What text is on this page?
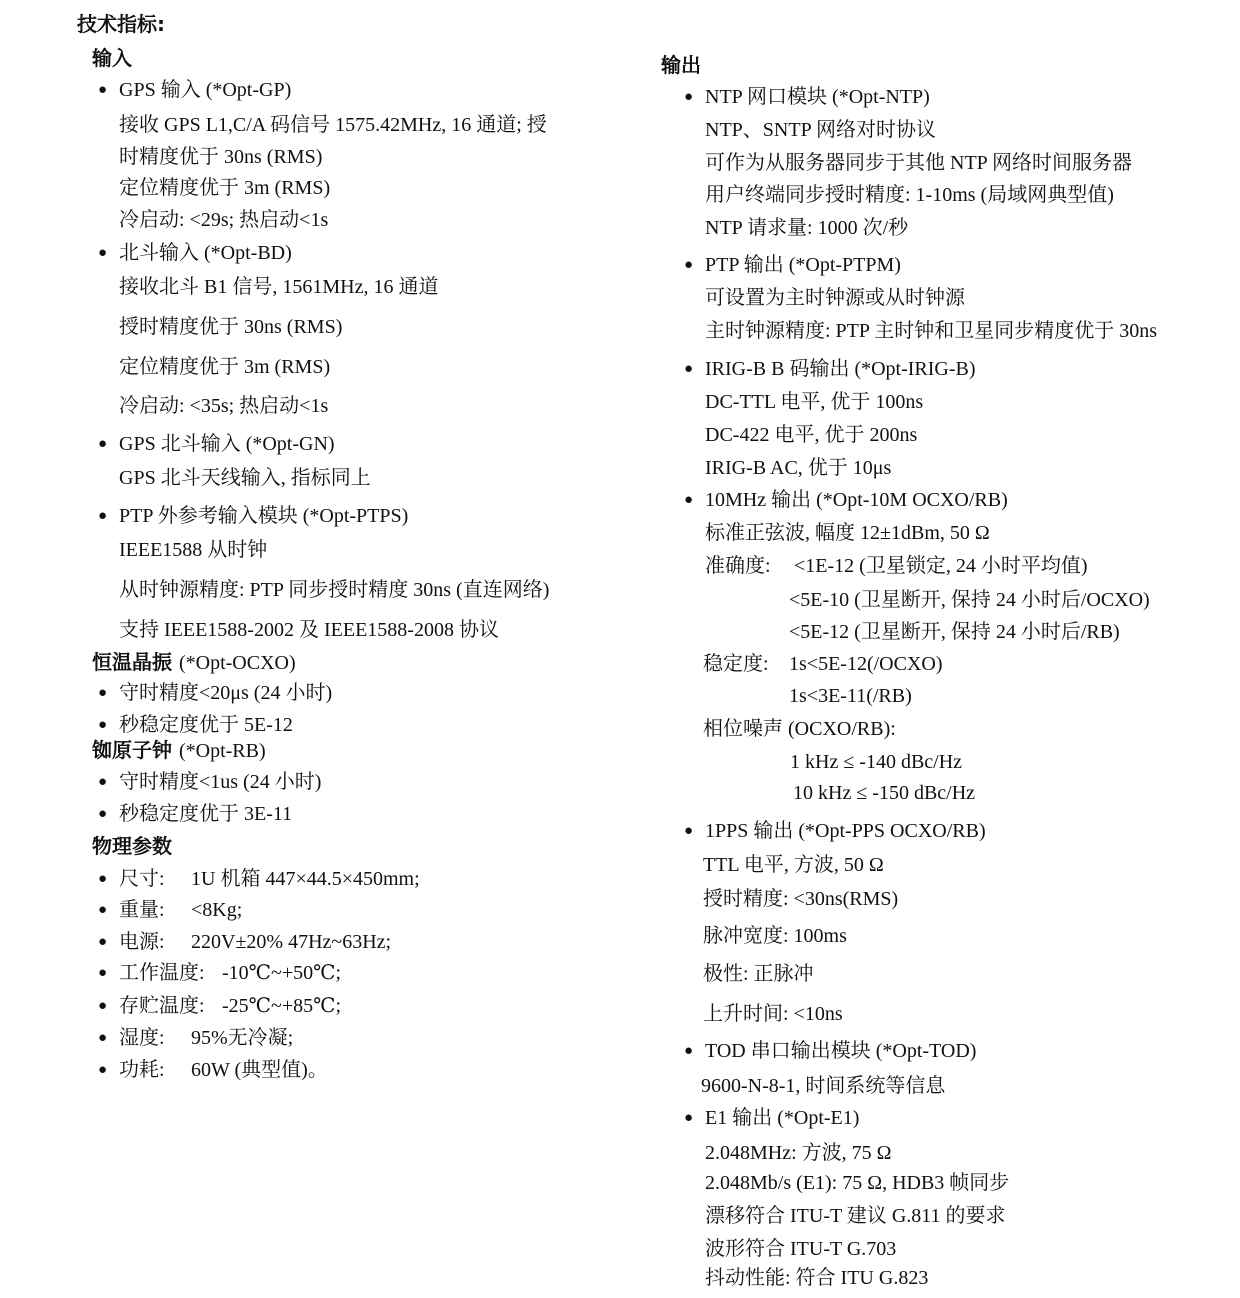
技术指标:
输入
● GPS 输入 (*Opt-GP)
接收 GPS L1,C/A 码信号 1575.42MHz, 16 通道; 授
时精度优于 30ns (RMS)
定位精度优于 3m (RMS)
冷启动: <29s; 热启动<1s
● 北斗输入 (*Opt-BD)
接收北斗 B1 信号, 1561MHz, 16 通道
授时精度优于 30ns (RMS)
定位精度优于 3m (RMS)
冷启动: <35s; 热启动<1s
● GPS 北斗输入 (*Opt-GN)
GPS 北斗天线输入, 指标同上
● PTP 外参考输入模块 (*Opt-PTPS)
IEEE1588 从时钟
从时钟源精度: PTP 同步授时精度 30ns (直连网络)
支持 IEEE1588-2002 及 IEEE1588-2008 协议
恒温晶振 (*Opt-OCXO)
● 守时精度<20μs (24 小时)
● 秒稳定度优于 5E-12
铷原子钟 (*Opt-RB)
● 守时精度<1us (24 小时)
● 秒稳定度优于 3E-11
物理参数
● 尺寸: 1U 机箱 447×44.5×450mm;
● 重量: <8Kg;
● 电源: 220V±20% 47Hz~63Hz;
● 工作温度: -10℃~+50℃;
● 存贮温度: -25℃~+85℃;
● 湿度: 95%无冷凝;
● 功耗: 60W (典型值)。
输出
● NTP 网口模块 (*Opt-NTP)
NTP、SNTP 网络对时协议
可作为从服务器同步于其他 NTP 网络时间服务器
用户终端同步授时精度: 1-10ms (局域网典型值)
NTP 请求量: 1000 次/秒
● PTP 输出 (*Opt-PTPM)
可设置为主时钟源或从时钟源
主时钟源精度: PTP 主时钟和卫星同步精度优于 30ns
● IRIG-B B 码输出 (*Opt-IRIG-B)
DC-TTL 电平, 优于 100ns
DC-422 电平, 优于 200ns
IRIG-B AC, 优于 10μs
● 10MHz 输出 (*Opt-10M OCXO/RB)
标准正弦波, 幅度 12±1dBm, 50 Ω
准确度: <1E-12 (卫星锁定, 24 小时平均值)
<5E-10 (卫星断开, 保持 24 小时后/OCXO)
<5E-12 (卫星断开, 保持 24 小时后/RB)
稳定度: 1s<5E-12(/OCXO)
1s<3E-11(/RB)
相位噪声 (OCXO/RB):
1 kHz ≤ -140 dBc/Hz
10 kHz ≤ -150 dBc/Hz
● 1PPS 输出 (*Opt-PPS OCXO/RB)
TTL 电平, 方波, 50 Ω
授时精度: <30ns(RMS)
脉冲宽度: 100ms
极性: 正脉冲
上升时间: <10ns
● TOD 串口输出模块 (*Opt-TOD)
9600-N-8-1, 时间系统等信息
● E1 输出 (*Opt-E1)
2.048MHz: 方波, 75 Ω
2.048Mb/s (E1): 75 Ω, HDB3 帧同步
漂移符合 ITU-T 建议 G.811 的要求
波形符合 ITU-T G.703
抖动性能: 符合 ITU G.823
